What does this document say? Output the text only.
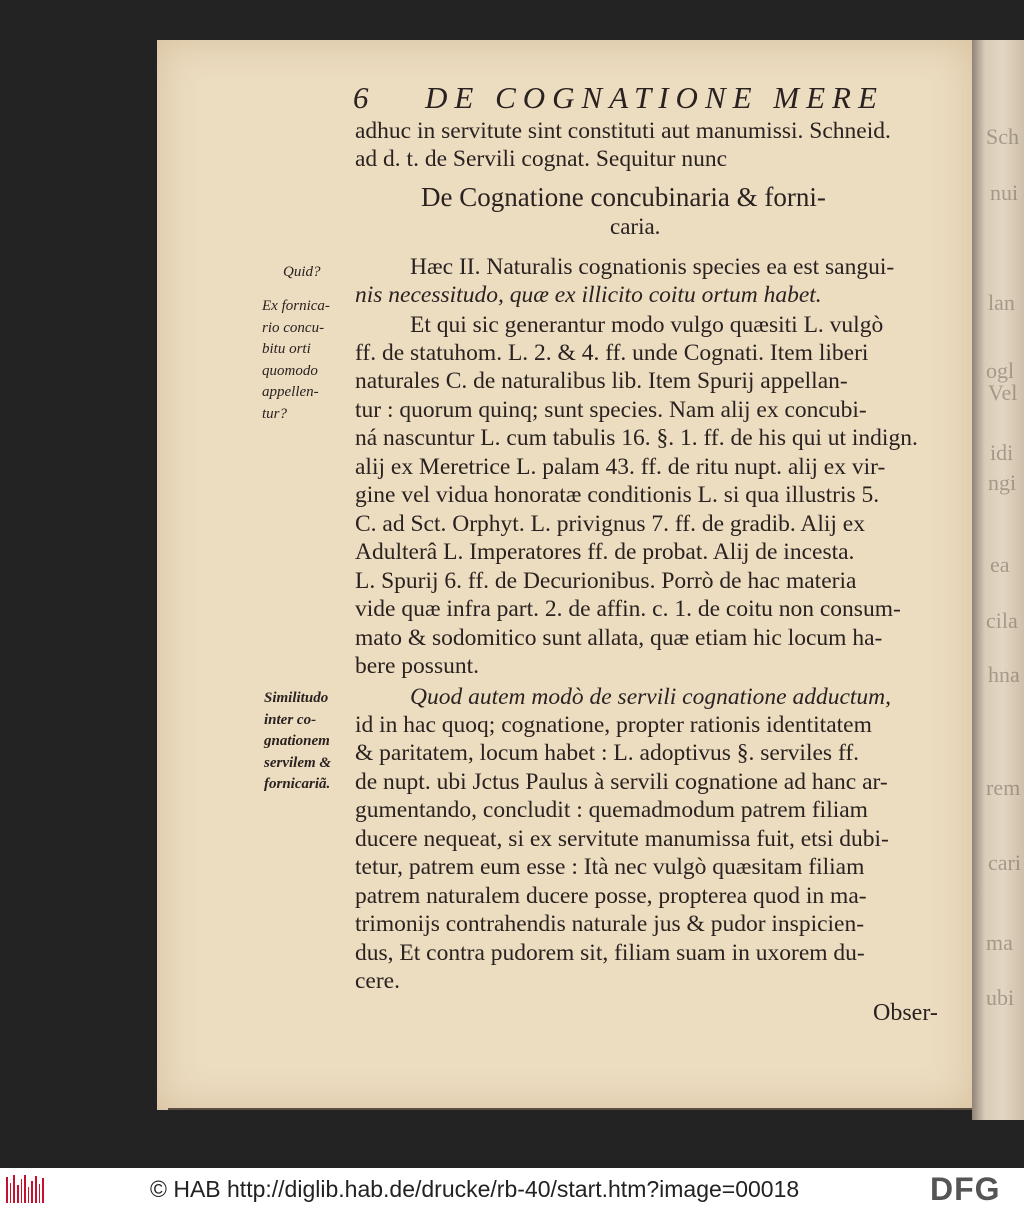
Sch
nui
lan
ogl
Vel
idi
ngi
ea
cila
hna
rem
cari
ma
ubi
6 DE COGNATIONE MERE
adhuc in servitute sint constituti aut manumissi. Schneid.
ad d. t. de Servili cognat. Sequitur nunc
De Cognatione concubinaria & forni-
caria.
Quid?
Ex fornica-
rio concu-
bitu orti
quomodo
appellen-
tur?
Similitudo
inter co-
gnationem
servilem &
fornicariã.
Hæc II. Naturalis cognationis species ea est sangui-
nis necessitudo, quæ ex illicito coitu ortum habet.
Et qui sic generantur modo vulgo quæsiti L. vulgò
ff. de statuhom. L. 2. & 4. ff. unde Cognati. Item liberi
naturales C. de naturalibus lib. Item Spurij appellan-
tur : quorum quinq; sunt species. Nam alij ex concubi-
ná nascuntur L. cum tabulis 16. §. 1. ff. de his qui ut indign.
alij ex Meretrice L. palam 43. ff. de ritu nupt. alij ex vir-
gine vel vidua honoratæ conditionis L. si qua illustris 5.
C. ad Sct. Orphyt. L. privignus 7. ff. de gradib. Alij ex
Adulterâ L. Imperatores ff. de probat. Alij de incesta.
L. Spurij 6. ff. de Decurionibus. Porrò de hac materia
vide quæ infra part. 2. de affin. c. 1. de coitu non consum-
mato & sodomitico sunt allata, quæ etiam hic locum ha-
bere possunt.
Quod autem modò de servili cognatione adductum,
id in hac quoq; cognatione, propter rationis identitatem
& paritatem, locum habet : L. adoptivus §. serviles ff.
de nupt. ubi Jctus Paulus à servili cognatione ad hanc ar-
gumentando, concludit : quemadmodum patrem filiam
ducere nequeat, si ex servitute manumissa fuit, etsi dubi-
tetur, patrem eum esse : Ità nec vulgò quæsitam filiam
patrem naturalem ducere posse, propterea quod in ma-
trimonijs contrahendis naturale jus & pudor inspicien-
dus, Et contra pudorem sit, filiam suam in uxorem du-
cere.
Obser-
© HAB http://diglib.hab.de/drucke/rb-40/start.htm?image=00018	DFG
